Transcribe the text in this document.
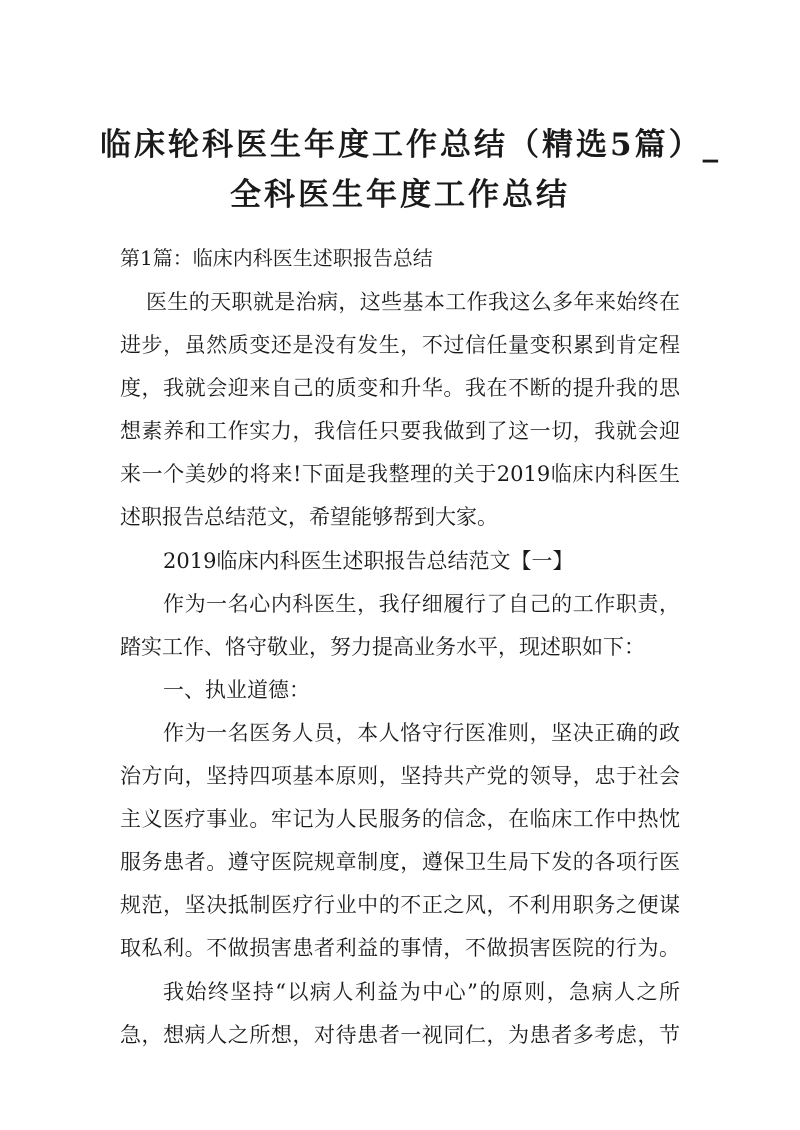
临床轮科医生年度工作总结（精选5篇）_
全科医生年度工作总结
第1篇：临床内科医生述职报告总结
医生的天职就是治病，这些基本工作我这么多年来始终在
进步，虽然质变还是没有发生，不过信任量变积累到肯定程
度，我就会迎来自己的质变和升华。我在不断的提升我的思
想素养和工作实力，我信任只要我做到了这一切，我就会迎
来一个美妙的将来!下面是我整理的关于2019临床内科医生
述职报告总结范文，希望能够帮到大家。
2019临床内科医生述职报告总结范文【一】
作为一名心内科医生，我仔细履行了自己的工作职责，
踏实工作、恪守敬业，努力提高业务水平，现述职如下：
一、执业道德：
作为一名医务人员，本人恪守行医准则，坚决正确的政
治方向，坚持四项基本原则，坚持共产党的领导，忠于社会
主义医疗事业。牢记为人民服务的信念，在临床工作中热忱
服务患者。遵守医院规章制度，遵保卫生局下发的各项行医
规范，坚决抵制医疗行业中的不正之风，不利用职务之便谋
取私利。不做损害患者利益的事情，不做损害医院的行为。
我始终坚持“以病人利益为中心”的原则，急病人之所
急，想病人之所想，对待患者一视同仁，为患者多考虑，节
